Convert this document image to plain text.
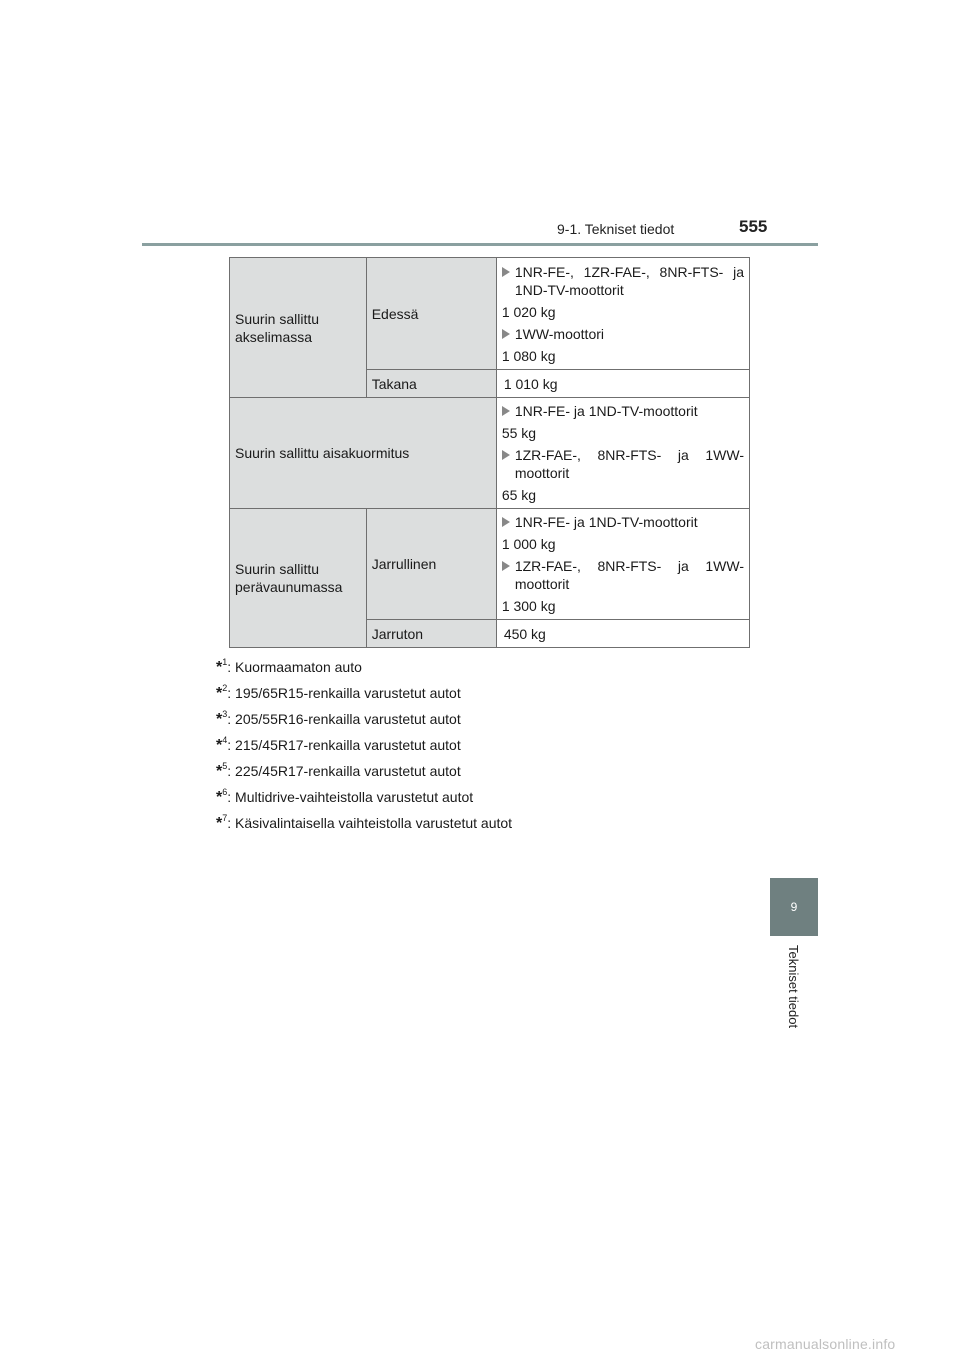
9-1. Tekniset tiedot	555
Suurin sallittu akselimassa	Edessä	1NR-FE-, 1ZR-FAE-, 8NR-FTS- ja 1ND-TV-moottorit
1 020 kg
1WW-moottori
1 080 kg

	Takana	1 010 kg
Suurin sallittu aisakuormitus		1NR-FE- ja 1ND-TV-moottorit
55 kg
1ZR-FAE-, 8NR-FTS- ja 1WW-moottorit
65 kg

Suurin sallittu perävaunumassa	Jarrullinen	1NR-FE- ja 1ND-TV-moottorit
1 000 kg
1ZR-FAE-, 8NR-FTS- ja 1WW-moottorit
1 300 kg

	Jarruton	450 kg
*$^1$: Kuormaamaton auto
*$^2$: 195/65R15-renkailla varustetut autot
*$^3$: 205/55R16-renkailla varustetut autot
*$^4$: 215/45R17-renkailla varustetut autot
*$^5$: 225/45R17-renkailla varustetut autot
*$^6$: Multidrive-vaihteistolla varustetut autot
*$^7$: Käsivalintaisella vaihteistolla varustetut autot
9
Tekniset tiedot
carmanualsonline.info
